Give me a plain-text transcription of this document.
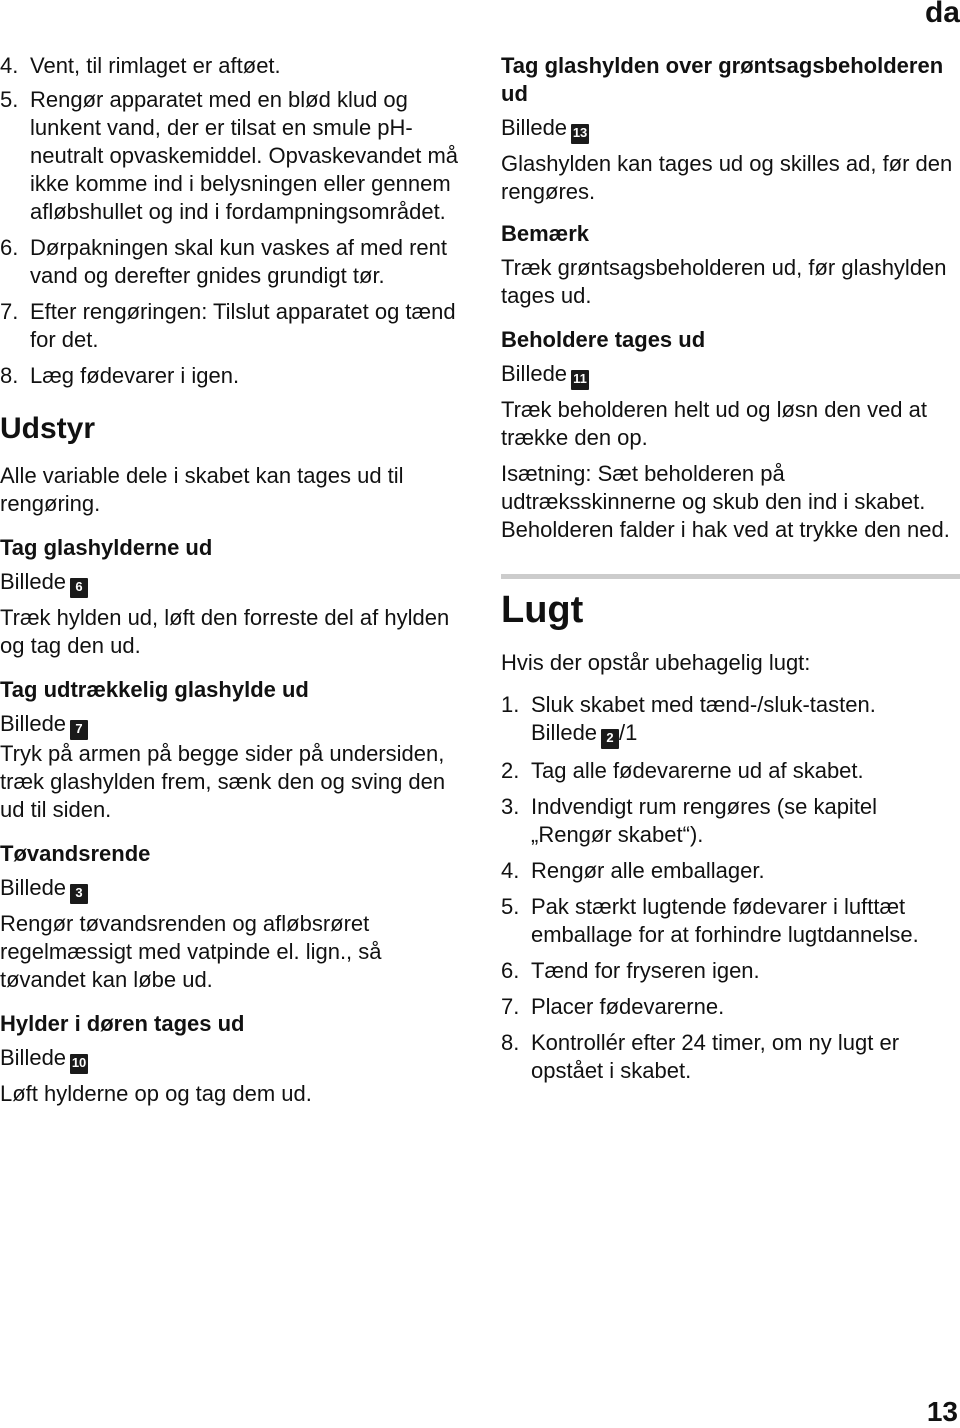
da
4. Vent, til rimlaget er aftøet.
5. Rengør apparatet med en blød klud og lunkent vand, der er tilsat en smule pH-neutralt opvaskemiddel. Opvaskevandet må ikke komme ind i belysningen eller gennem afløbshullet og ind i fordampningsområdet.
6. Dørpakningen skal kun vaskes af med rent vand og derefter gnides grundigt tør.
7. Efter rengøringen: Tilslut apparatet og tænd for det.
8. Læg fødevarer i igen.
Udstyr
Alle variable dele i skabet kan tages ud til rengøring.
Tag glashylderne ud
Billede 6
Træk hylden ud, løft den forreste del af hylden og tag den ud.
Tag udtrækkelig glashylde ud
Billede 7
Tryk på armen på begge sider på undersiden, træk glashylden frem, sænk den og sving den ud til siden.
Tøvandsrende
Billede 3
Rengør tøvandsrenden og afløbsrøret regelmæssigt med vatpinde el. lign., så tøvandet kan løbe ud.
Hylder i døren tages ud
Billede 10
Løft hylderne op og tag dem ud.
Tag glashylden over grøntsagsbeholderen ud
Billede 13
Glashylden kan tages ud og skilles ad, før den rengøres.
Bemærk
Træk grøntsagsbeholderen ud, før glashylden tages ud.
Beholdere tages ud
Billede 11
Træk beholderen helt ud og løsn den ved at trække den op.
Isætning: Sæt beholderen på udtræksskinnerne og skub den ind i skabet. Beholderen falder i hak ved at trykke den ned.
Lugt
Hvis der opstår ubehagelig lugt:
1. Sluk skabet med tænd-/sluk-tasten.
Billede 2 /1
2. Tag alle fødevarerne ud af skabet.
3. Indvendigt rum rengøres (se kapitel „Rengør skabet“).
4. Rengør alle emballager.
5. Pak stærkt lugtende fødevarer i lufttæt emballage for at forhindre lugtdannelse.
6. Tænd for fryseren igen.
7. Placer fødevarerne.
8. Kontrollér efter 24 timer, om ny lugt er opstået i skabet.
13
